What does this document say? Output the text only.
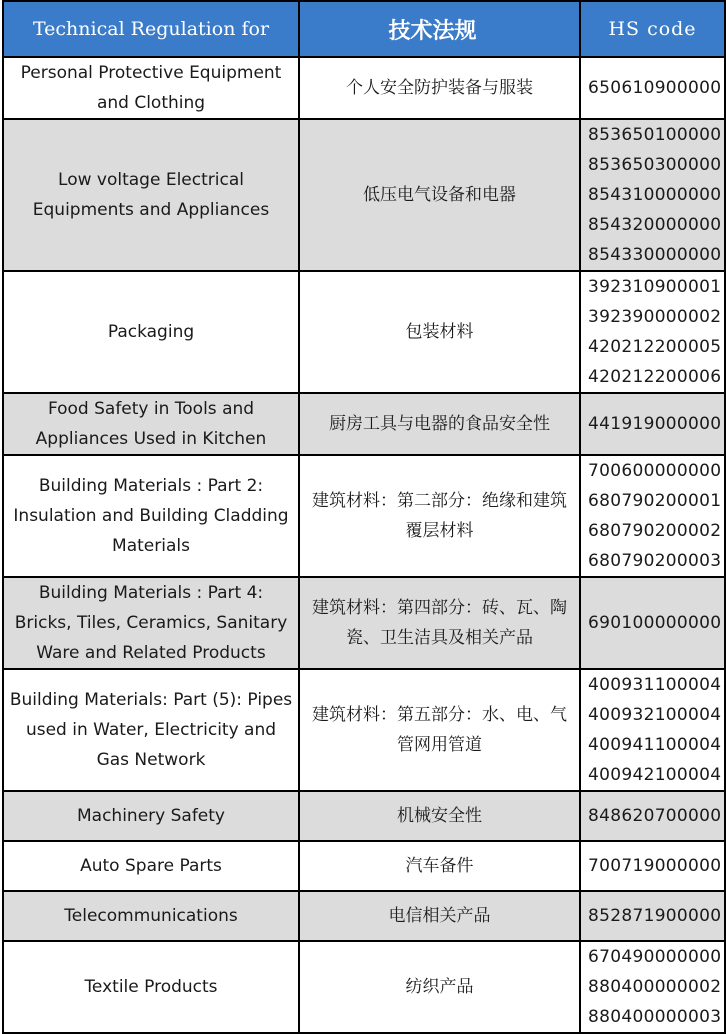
Technical Regulation for	技术法规	HS code
Personal Protective Equipment and Clothing	个人安全防护装备与服装	650610900000

Low voltage Electrical Equipments and Appliances	低压电气设备和电器	853650100000
853650300000
854310000000
854320000000
854330000000

Packaging	包装材料	392310900001
392390000002
420212200005
420212200006

Food Safety in Tools and Appliances Used in Kitchen	厨房工具与电器的食品安全性	441919000000

Building Materials : Part 2: Insulation and Building Cladding Materials	建筑材料：第二部分：绝缘和建筑覆层材料	700600000000
680790200001
680790200002
680790200003

Building Materials : Part 4: Bricks, Tiles, Ceramics, Sanitary Ware and Related Products	建筑材料：第四部分：砖、瓦、陶瓷、卫生洁具及相关产品	690100000000

Building Materials: Part (5): Pipes used in Water, Electricity and Gas Network	建筑材料：第五部分：水、电、气管网用管道	400931100004
400932100004
400941100004
400942100004

Machinery Safety	机械安全性	848620700000

Auto Spare Parts	汽车备件	700719000000

Telecommunications	电信相关产品	852871900000

Textile Products	纺织产品	670490000000
880400000002
880400000003
